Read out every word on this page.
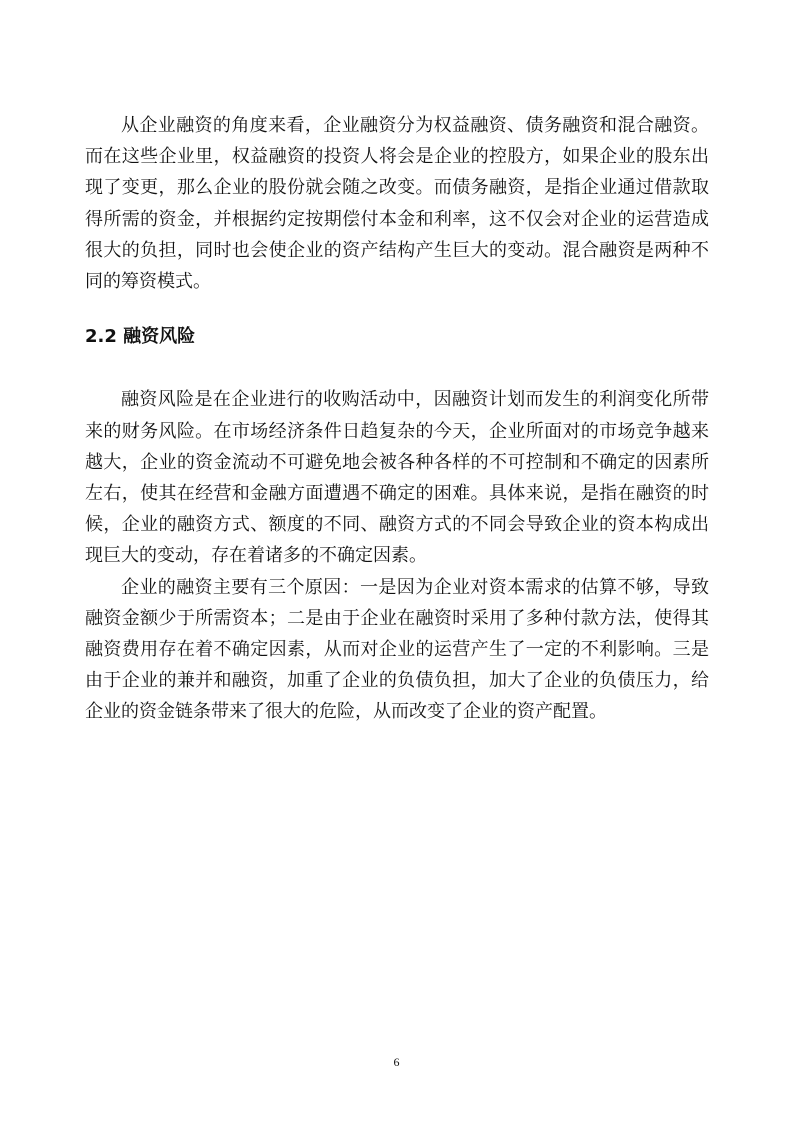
从企业融资的角度来看，企业融资分为权益融资、债务融资和混合融资。而在这些企业里，权益融资的投资人将会是企业的控股方，如果企业的股东出现了变更，那么企业的股份就会随之改变。而债务融资，是指企业通过借款取得所需的资金，并根据约定按期偿付本金和利率，这不仅会对企业的运营造成很大的负担，同时也会使企业的资产结构产生巨大的变动。混合融资是两种不同的筹资模式。

2.2 融资风险

融资风险是在企业进行的收购活动中，因融资计划而发生的利润变化所带来的财务风险。在市场经济条件日趋复杂的今天，企业所面对的市场竞争越来越大，企业的资金流动不可避免地会被各种各样的不可控制和不确定的因素所左右，使其在经营和金融方面遭遇不确定的困难。具体来说，是指在融资的时候，企业的融资方式、额度的不同、融资方式的不同会导致企业的资本构成出现巨大的变动，存在着诸多的不确定因素。

企业的融资主要有三个原因：一是因为企业对资本需求的估算不够，导致融资金额少于所需资本；二是由于企业在融资时采用了多种付款方法，使得其融资费用存在着不确定因素，从而对企业的运营产生了一定的不利影响。三是由于企业的兼并和融资，加重了企业的负债负担，加大了企业的负债压力，给企业的资金链条带来了很大的危险，从而改变了企业的资产配置。

6
